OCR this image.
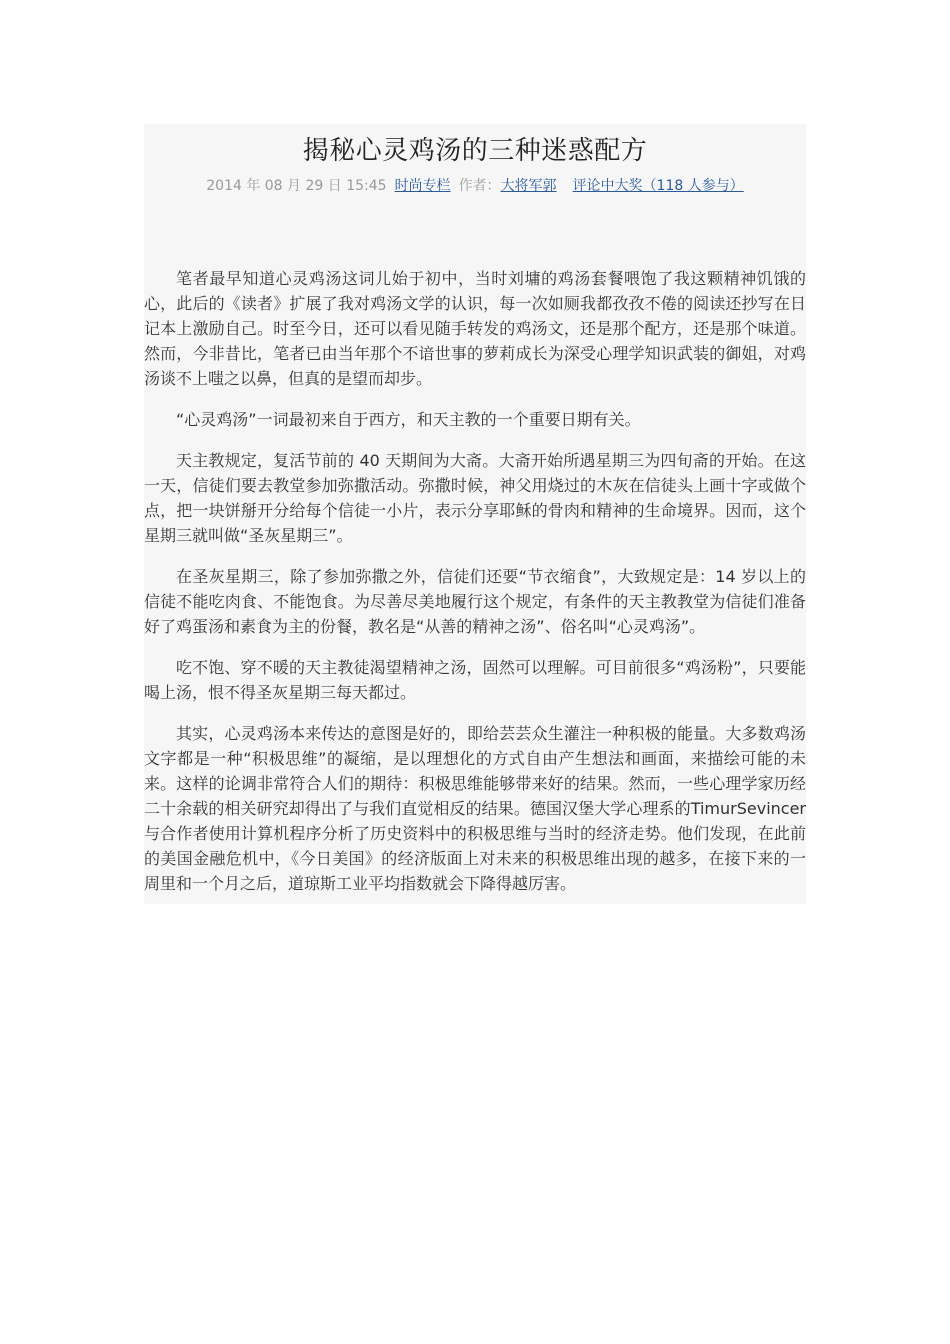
揭秘心灵鸡汤的三种迷惑配方
2014 年 08 月 29 日 15:45 时尚专栏 作者：大将军郭 评论中大奖（118 人参与）

笔者最早知道心灵鸡汤这词儿始于初中，当时刘墉的鸡汤套餐喂饱了我这颗精神饥饿的心，此后的《读者》扩展了我对鸡汤文学的认识，每一次如厕我都孜孜不倦的阅读还抄写在日记本上激励自己。时至今日，还可以看见随手转发的鸡汤文，还是那个配方，还是那个味道。然而，今非昔比，笔者已由当年那个不谙世事的萝莉成长为深受心理学知识武装的御姐，对鸡汤谈不上嗤之以鼻，但真的是望而却步。

“心灵鸡汤”一词最初来自于西方，和天主教的一个重要日期有关。

天主教规定，复活节前的 40 天期间为大斋。大斋开始所遇星期三为四旬斋的开始。在这一天，信徒们要去教堂参加弥撒活动。弥撒时候，神父用烧过的木灰在信徒头上画十字或做个点，把一块饼掰开分给每个信徒一小片，表示分享耶稣的骨肉和精神的生命境界。因而，这个星期三就叫做“圣灰星期三”。

在圣灰星期三，除了参加弥撒之外，信徒们还要“节衣缩食”，大致规定是：14 岁以上的信徒不能吃肉食、不能饱食。为尽善尽美地履行这个规定，有条件的天主教教堂为信徒们准备好了鸡蛋汤和素食为主的份餐，教名是“从善的精神之汤”、俗名叫“心灵鸡汤”。

吃不饱、穿不暖的天主教徒渴望精神之汤，固然可以理解。可目前很多“鸡汤粉”，只要能喝上汤，恨不得圣灰星期三每天都过。

其实，心灵鸡汤本来传达的意图是好的，即给芸芸众生灌注一种积极的能量。大多数鸡汤文字都是一种“积极思维”的凝缩，是以理想化的方式自由产生想法和画面，来描绘可能的未来。这样的论调非常符合人们的期待：积极思维能够带来好的结果。然而，一些心理学家历经二十余载的相关研究却得出了与我们直觉相反的结果。德国汉堡大学心理系的TimurSevincer 与合作者使用计算机程序分析了历史资料中的积极思维与当时的经济走势。他们发现，在此前的美国金融危机中，《今日美国》的经济版面上对未来的积极思维出现的越多，在接下来的一周里和一个月之后，道琼斯工业平均指数就会下降得越厉害。
